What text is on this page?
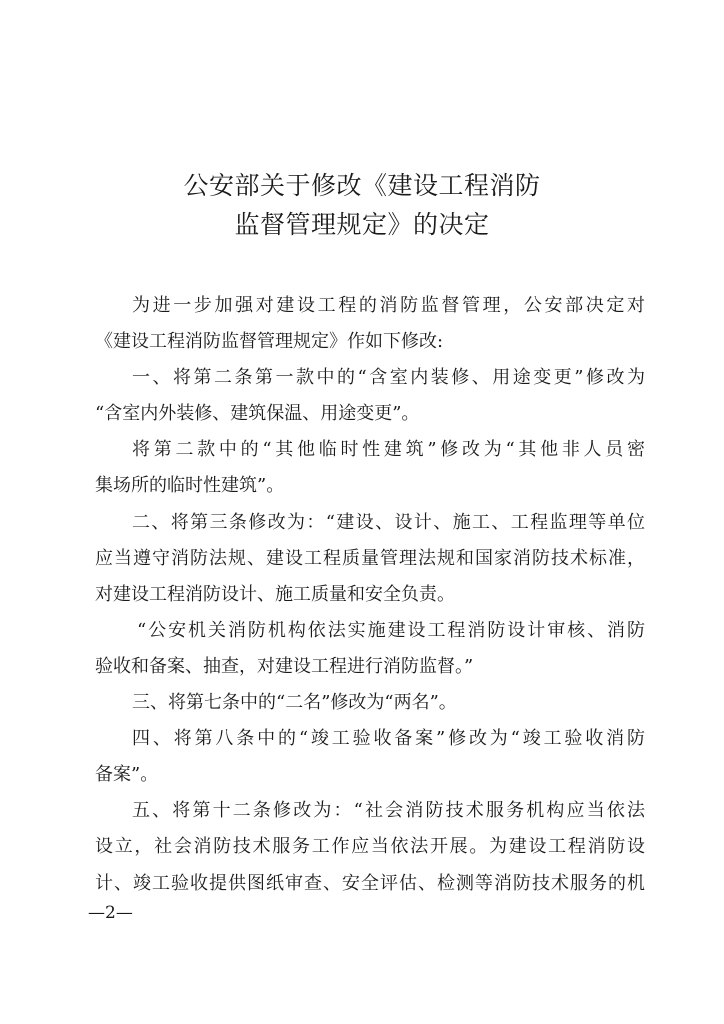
公安部关于修改《建设工程消防
监督管理规定》的决定
为进一步加强对建设工程的消防监督管理，公安部决定对
《建设工程消防监督管理规定》作如下修改:
一、将第二条第一款中的“含室内装修、用途变更”修改为
“含室内外装修、建筑保温、用途变更”。
将第二款中的“其他临时性建筑”修改为“其他非人员密
集场所的临时性建筑”。
二、将第三条修改为：“建设、设计、施工、工程监理等单位
应当遵守消防法规、建设工程质量管理法规和国家消防技术标准，
对建设工程消防设计、施工质量和安全负责。
“公安机关消防机构依法实施建设工程消防设计审核、消防
验收和备案、抽查，对建设工程进行消防监督。”
三、将第七条中的“二名”修改为“两名”。
四、将第八条中的“竣工验收备案”修改为“竣工验收消防
备案”。
五、将第十二条修改为：“社会消防技术服务机构应当依法
设立，社会消防技术服务工作应当依法开展。为建设工程消防设
计、竣工验收提供图纸审查、安全评估、检测等消防技术服务的机
—2—
